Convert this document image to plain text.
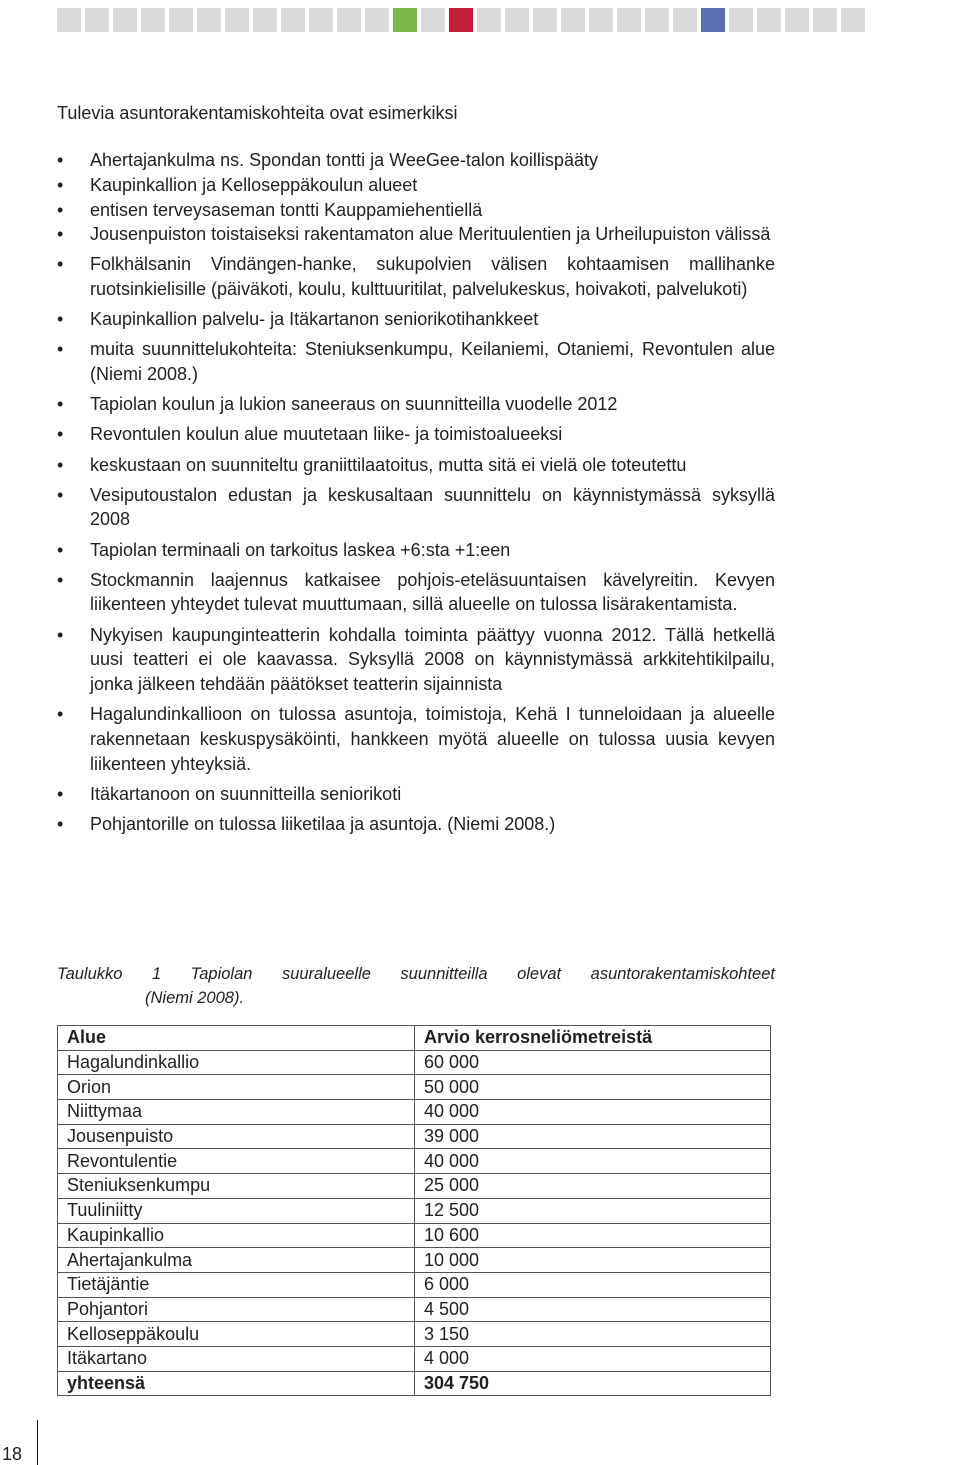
Tulevia asuntorakentamiskohteita ovat esimerkiksi

• Ahertajankulma ns. Spondan tontti ja WeeGee-talon koillispääty
• Kaupinkallion ja Kelloseppäkoulun alueet
• entisen terveysaseman tontti Kauppamiehentiellä
• Jousenpuiston toistaiseksi rakentamaton alue Merituulentien ja Urheilupuiston välissä
• Folkhälsanin Vindängen-hanke, sukupolvien välisen kohtaamisen mallihanke ruotsinkielisille (päiväkoti, koulu, kulttuuritilat, palvelukeskus, hoivakoti, palvelukoti)
• Kaupinkallion palvelu- ja Itäkartanon seniorikotihankkeet
• muita suunnittelukohteita: Steniuksenkumpu, Keilaniemi, Otaniemi, Revontulen alue (Niemi 2008.)
• Tapiolan koulun ja lukion saneeraus on suunnitteilla vuodelle 2012
• Revontulen koulun alue muutetaan liike- ja toimistoalueeksi
• keskustaan on suunniteltu graniittilaatoitus, mutta sitä ei vielä ole toteutettu
• Vesiputoustalon edustan ja keskusaltaan suunnittelu on käynnistymässä syksyllä 2008
• Tapiolan terminaali on tarkoitus laskea +6:sta +1:een
• Stockmannin laajennus katkaisee pohjois-eteläsuuntaisen kävelyreitin. Kevyen liikenteen yhteydet tulevat muuttumaan, sillä alueelle on tulossa lisärakentamista.
• Nykyisen kaupunginteatterin kohdalla toiminta päättyy vuonna 2012. Tällä hetkellä uusi teatteri ei ole kaavassa. Syksyllä 2008 on käynnistymässä arkkitehtikilpailu, jonka jälkeen tehdään päätökset teatterin sijainnista
• Hagalundinkallioon on tulossa asuntoja, toimistoja, Kehä I tunneloidaan ja alueelle rakennetaan keskuspysäköinti, hankkeen myötä alueelle on tulossa uusia kevyen liikenteen yhteyksiä.
• Itäkartanoon on suunnitteilla seniorikoti
• Pohjantorille on tulossa liiketilaa ja asuntoja. (Niemi 2008.)
Taulukko 1 Tapiolan suuralueelle suunnitteilla olevat asuntorakentamiskohteet
(Niemi 2008).
Alue	Arvio kerrosneliömetreistä
Hagalundinkallio	60 000
Orion	50 000
Niittymaa	40 000
Jousenpuisto	39 000
Revontulentie	40 000
Steniuksenkumpu	25 000
Tuuliniitty	12 500
Kaupinkallio	10 600
Ahertajankulma	10 000
Tietäjäntie	6 000
Pohjantori	4 500
Kelloseppäkoulu	3 150
Itäkartano	4 000
yhteensä	304 750
18
